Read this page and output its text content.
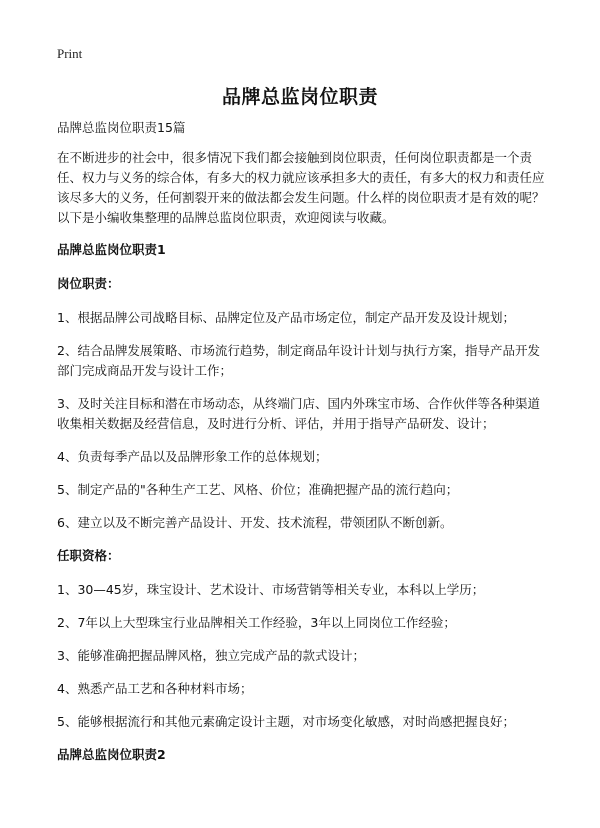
Print
品牌总监岗位职责

品牌总监岗位职责15篇

在不断进步的社会中，很多情况下我们都会接触到岗位职责，任何岗位职责都是一个责任、权力与义务的综合体，有多大的权力就应该承担多大的责任，有多大的权力和责任应该尽多大的义务，任何割裂开来的做法都会发生问题。什么样的岗位职责才是有效的呢？以下是小编收集整理的品牌总监岗位职责，欢迎阅读与收藏。

品牌总监岗位职责1

岗位职责：

1、根据品牌公司战略目标、品牌定位及产品市场定位，制定产品开发及设计规划；

2、结合品牌发展策略、市场流行趋势，制定商品年设计计划与执行方案，指导产品开发部门完成商品开发与设计工作；

3、及时关注目标和潜在市场动态，从终端门店、国内外珠宝市场、合作伙伴等各种渠道收集相关数据及经营信息，及时进行分析、评估，并用于指导产品研发、设计；

4、负责每季产品以及品牌形象工作的总体规划；

5、制定产品的"各种生产工艺、风格、价位；准确把握产品的流行趋向；

6、建立以及不断完善产品设计、开发、技术流程，带领团队不断创新。

任职资格：

1、30—45岁，珠宝设计、艺术设计、市场营销等相关专业，本科以上学历；

2、7年以上大型珠宝行业品牌相关工作经验，3年以上同岗位工作经验；

3、能够准确把握品牌风格，独立完成产品的款式设计；

4、熟悉产品工艺和各种材料市场；

5、能够根据流行和其他元素确定设计主题，对市场变化敏感，对时尚感把握良好；

品牌总监岗位职责2
